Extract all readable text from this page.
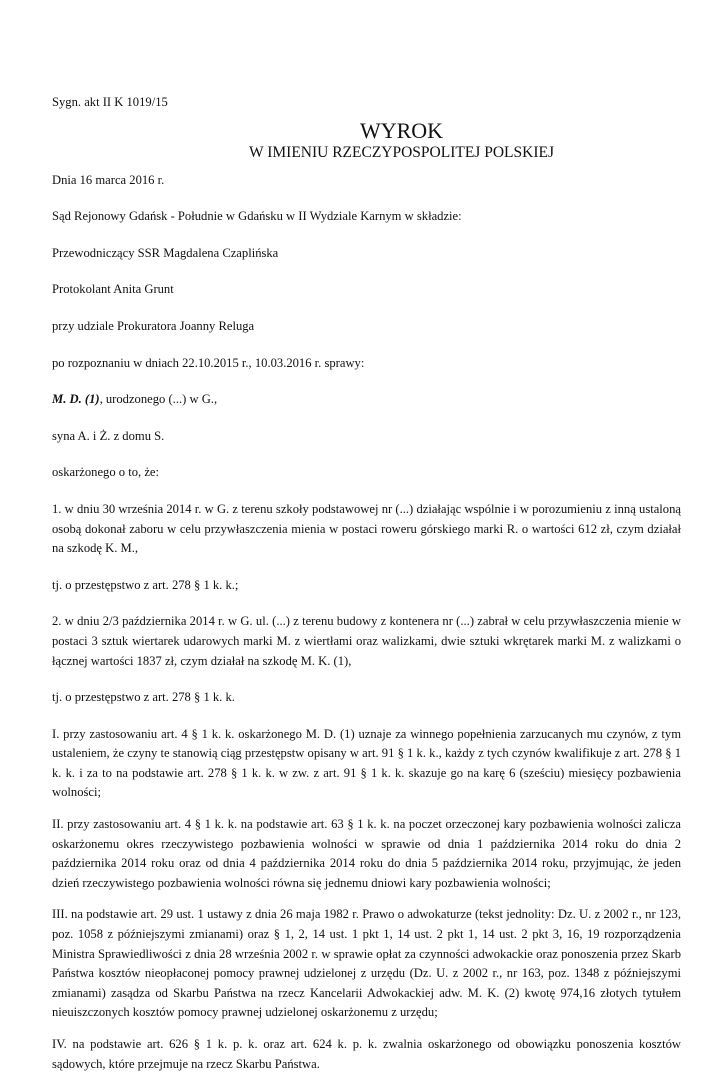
Sygn. akt II K 1019/15

WYROK

W IMIENIU RZECZYPOSPOLITEJ POLSKIEJ

Dnia 16 marca 2016 r.

Sąd Rejonowy Gdańsk - Południe w Gdańsku w II Wydziale Karnym w składzie:

Przewodniczący SSR Magdalena Czaplińska

Protokolant Anita Grunt

przy udziale Prokuratora Joanny Reluga

po rozpoznaniu w dniach 22.10.2015 r., 10.03.2016 r. sprawy:

M. D. (1), urodzonego (...) w G.,

syna A. i Ż. z domu S.

oskarżonego o to, że:

1. w dniu 30 września 2014 r. w G. z terenu szkoły podstawowej nr (...) działając wspólnie i w porozumieniu z inną ustaloną osobą dokonał zaboru w celu przywłaszczenia mienia w postaci roweru górskiego marki R. o wartości 612 zł, czym działał na szkodę K. M.,

tj. o przestępstwo z art. 278 § 1 k. k.;

2. w dniu 2/3 października 2014 r. w G. ul. (...) z terenu budowy z kontenera nr (...) zabrał w celu przywłaszczenia mienie w postaci 3 sztuk wiertarek udarowych marki M. z wiertłami oraz walizkami, dwie sztuki wkrętarek marki M. z walizkami o łącznej wartości 1837 zł, czym działał na szkodę M. K. (1),

tj. o przestępstwo z art. 278 § 1 k. k.

I. przy zastosowaniu art. 4 § 1 k. k. oskarżonego M. D. (1) uznaje za winnego popełnienia zarzucanych mu czynów, z tym ustaleniem, że czyny te stanowią ciąg przestępstw opisany w art. 91 § 1 k. k., każdy z tych czynów kwalifikuje z art. 278 § 1 k. k. i za to na podstawie art. 278 § 1 k. k. w zw. z art. 91 § 1 k. k. skazuje go na karę 6 (sześciu) miesięcy pozbawienia wolności;

II. przy zastosowaniu art. 4 § 1 k. k. na podstawie art. 63 § 1 k. k. na poczet orzeczonej kary pozbawienia wolności zalicza oskarżonemu okres rzeczywistego pozbawienia wolności w sprawie od dnia 1 października 2014 roku do dnia 2 października 2014 roku oraz od dnia 4 października 2014 roku do dnia 5 października 2014 roku, przyjmując, że jeden dzień rzeczywistego pozbawienia wolności równa się jednemu dniowi kary pozbawienia wolności;

III. na podstawie art. 29 ust. 1 ustawy z dnia 26 maja 1982 r. Prawo o adwokaturze (tekst jednolity: Dz. U. z 2002 r., nr 123, poz. 1058 z późniejszymi zmianami) oraz § 1, 2, 14 ust. 1 pkt 1, 14 ust. 2 pkt 1, 14 ust. 2 pkt 3, 16, 19 rozporządzenia Ministra Sprawiedliwości z dnia 28 września 2002 r. w sprawie opłat za czynności adwokackie oraz ponoszenia przez Skarb Państwa kosztów nieopłaconej pomocy prawnej udzielonej z urzędu (Dz. U. z 2002 r., nr 163, poz. 1348 z późniejszymi zmianami) zasądza od Skarbu Państwa na rzecz Kancelarii Adwokackiej adw. M. K. (2) kwotę 974,16 złotych tytułem nieuiszczonych kosztów pomocy prawnej udzielonej oskarżonemu z urzędu;

IV. na podstawie art. 626 § 1 k. p. k. oraz art. 624 k. p. k. zwalnia oskarżonego od obowiązku ponoszenia kosztów sądowych, które przejmuje na rzecz Skarbu Państwa.
